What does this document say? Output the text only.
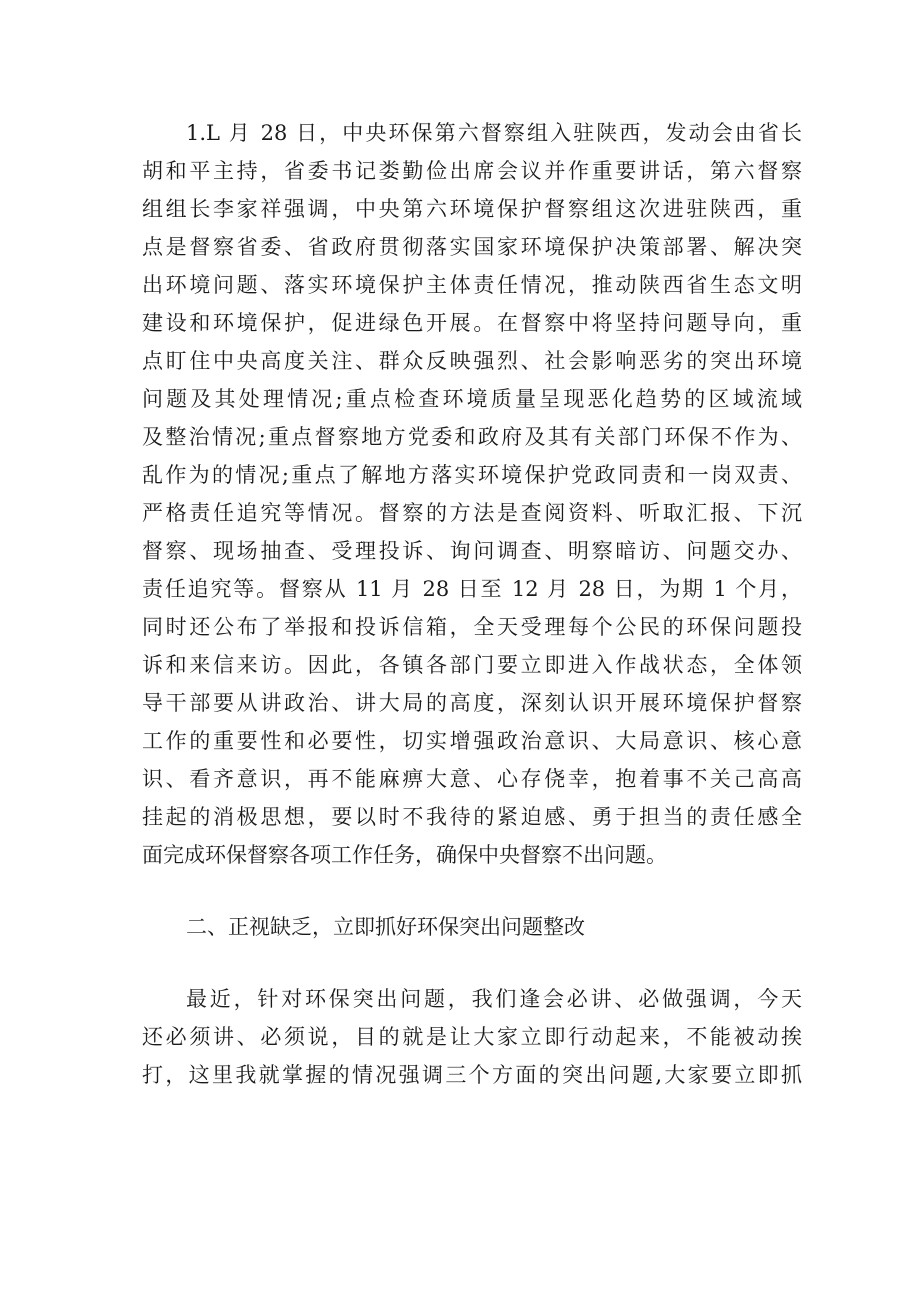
1.L 月 28 日，中央环保第六督察组入驻陕西，发动会由省长
胡和平主持，省委书记娄勤俭出席会议并作重要讲话，第六督察
组组长李家祥强调，中央第六环境保护督察组这次进驻陕西，重
点是督察省委、省政府贯彻落实国家环境保护决策部署、解决突
出环境问题、落实环境保护主体责任情况，推动陕西省生态文明
建设和环境保护，促进绿色开展。在督察中将坚持问题导向，重
点盯住中央高度关注、群众反映强烈、社会影响恶劣的突出环境
问题及其处理情况;重点检查环境质量呈现恶化趋势的区域流域
及整治情况;重点督察地方党委和政府及其有关部门环保不作为、
乱作为的情况;重点了解地方落实环境保护党政同责和一岗双责、
严格责任追究等情况。督察的方法是查阅资料、听取汇报、下沉
督察、现场抽查、受理投诉、询问调查、明察暗访、问题交办、
责任追究等。督察从 11 月 28 日至 12 月 28 日，为期 1 个月，
同时还公布了举报和投诉信箱，全天受理每个公民的环保问题投
诉和来信来访。因此，各镇各部门要立即进入作战状态，全体领
导干部要从讲政治、讲大局的高度，深刻认识开展环境保护督察
工作的重要性和必要性，切实增强政治意识、大局意识、核心意
识、看齐意识，再不能麻痹大意、心存侥幸，抱着事不关己高高
挂起的消极思想，要以时不我待的紧迫感、勇于担当的责任感全
面完成环保督察各项工作任务，确保中央督察不出问题。
二、正视缺乏，立即抓好环保突出问题整改
最近，针对环保突出问题，我们逢会必讲、必做强调，今天
还必须讲、必须说，目的就是让大家立即行动起来，不能被动挨
打，这里我就掌握的情况强调三个方面的突出问题,大家要立即抓
